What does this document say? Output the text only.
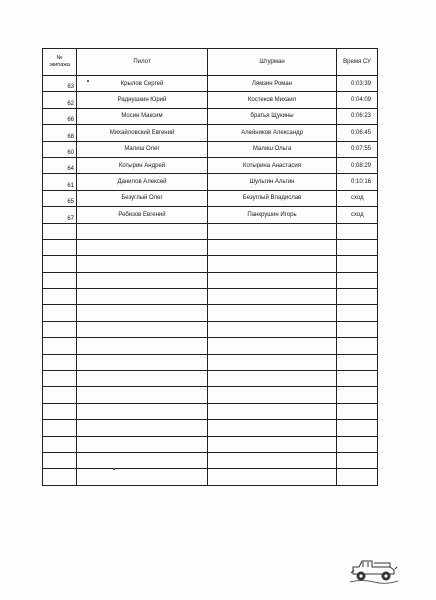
№
экипажа	Пилот	Штурман	Время СУ
63	Крылов Сергей	Лямзин Роман	0:03:39
62	Раднушкин Юрий	Костеков Михаил	0:04:09
66	Мосин Максим	братья Щукины	0:06:23
68	Михайловский Евгений	Алейников Александр	0:06:45
60	Малиш Олег	Малиш Ольга	0:07:55
64	Котырин Андрей	Котырина Анастасия	0:08:29
61	Данилов Алексей	Шульгин Альгин	0:10:16
65	Безуглый Олег	Безуглый Владислав	сход
67	Ребизов Евгений	Панкрушин Игорь	сход
